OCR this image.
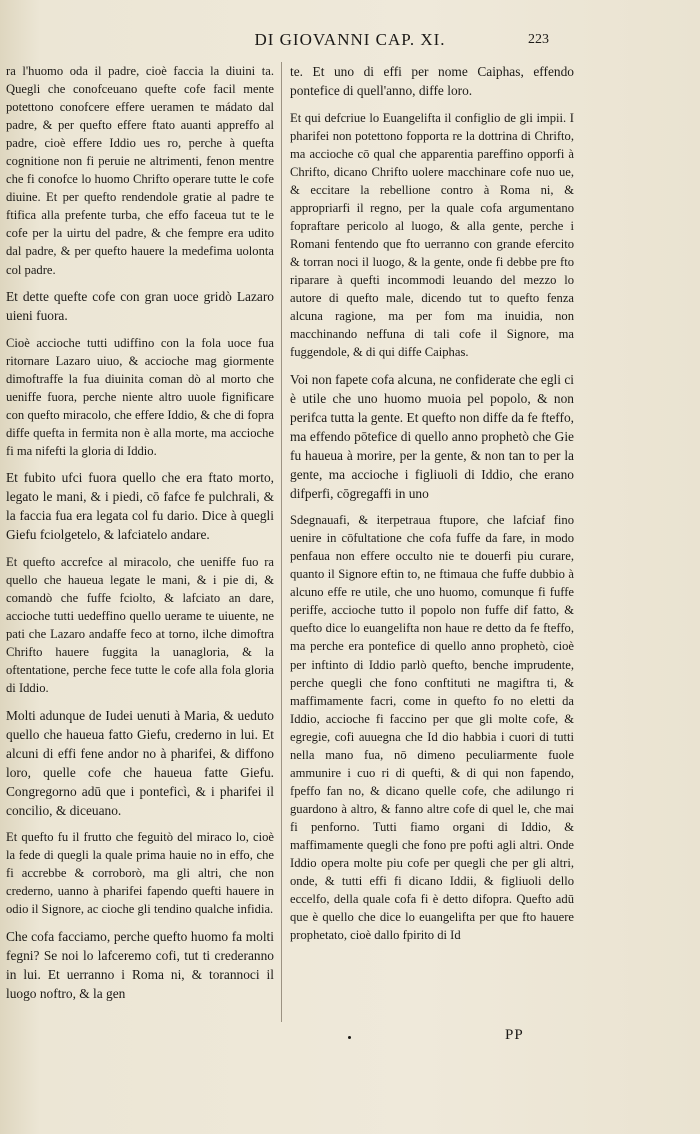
DI GIOVANNI CAP. XI.	223

ra l'huomo oda il padre, cioè faccia la diuini ta. Quegli che conofceuano quefte cofe facil mente potettono conofcere effere ueramen te mádato dal padre, & per quefto effere ftato auanti appreffo al padre, cioè effere Iddio ues ro, perche à quefta cognitione non fi peruie ne altrimenti, fenon mentre che fi conofce lo huomo Chrifto operare tutte le cofe diuine. Et per quefto rendendole gratie al padre te ftifica alla prefente turba, che effo faceua tut te le cofe per la uirtu del padre, & che fempre era udito dal padre, & per quefto hauere la medefima uolonta col padre.

Et dette quefte cofe con gran uoce gridò Lazaro uieni fuora.

Cioè accioche tutti udiffino con la fola uoce fua ritornare Lazaro uiuo, & accioche mag giormente dimoftraffe la fua diuinita coman dò al morto che ueniffe fuora, perche niente altro uuole fignificare con quefto miracolo, che effere Iddio, & che di fopra diffe quefta in fermita non è alla morte, ma accioche fi ma nifefti la gloria di Iddio.

Et fubito ufci fuora quello che era ftato morto, legato le mani, & i piedi, cō fafce fe pulchrali, & la faccia fua era legata col fu dario. Dice à quegli Giefu fciolgetelo, & lafciatelo andare.

Et quefto accrefce al miracolo, che ueniffe fuo ra quello che haueua legate le mani, & i pie di, & comandò che fuffe fciolto, & lafciato an dare, accioche tutti uedeffino quello uerame te uiuente, ne pati che Lazaro andaffe feco at torno, ilche dimoftra Chrifto hauere fuggita la uanagloria, & la oftentatione, perche fece tutte le cofe alla fola gloria di Iddio.

Molti adunque de Iudei uenuti à Maria, & ueduto quello che haueua fatto Giefu, crederno in lui. Et alcuni di effi fene andor no à pharifei, & diffono loro, quelle cofe che haueua fatte Giefu. Congregorno adū que i ponteficì, & i pharifei il concilio, & diceuano.

Et quefto fu il frutto che feguitò del miraco lo, cioè la fede di quegli la quale prima hauie no in effo, che fi accrebbe & corroborò, ma gli altri, che non crederno, uanno à pharifei fapendo quefti hauere in odio il Signore, ac cioche gli tendino qualche infidia.

Che cofa facciamo, perche quefto huomo fa molti fegni? Se noi lo lafceremo cofi, tut ti crederanno in lui. Et uerranno i Roma ni, & torannoci il luogo noftro, & la gen

te. Et uno di effi per nome Caiphas, effendo pontefice di quell'anno, diffe loro.

Et qui defcriue lo Euangelifta il configlio de gli impii. I pharifei non potettono fopporta re la dottrina di Chrifto, ma accioche cō qual che apparentia pareffino opporfi à Chrifto, dicano Chrifto uolere macchinare cofe nuo ue, & eccitare la rebellione contro à Roma ni, & appropriarfi il regno, per la quale cofa argumentano fopraftare pericolo al luogo, & alla gente, perche i Romani fentendo que fto uerranno con grande efercito & torran noci il luogo, & la gente, onde fi debbe pre fto riparare à quefti incommodi leuando del mezzo lo autore di quefto male, dicendo tut to quefto fenza alcuna ragione, ma per fom ma inuidia, non macchinando neffuna di tali cofe il Signore, ma fuggendole, & di qui diffe Caiphas.

Voi non fapete cofa alcuna, ne confiderate che egli ci è utile che uno huomo muoia pel popolo, & non perifca tutta la gente. Et quefto non diffe da fe fteffo, ma effendo pōtefice di quello anno prophetò che Gie fu haueua à morire, per la gente, & non tan to per la gente, ma accioche i figliuoli di Iddio, che erano difperfi, cōgregaffi in uno

Sdegnauafi, & iterpetraua ftupore, che lafciaf fino uenire in cōfultatione che cofa fuffe da fare, in modo penfaua non effere occulto nie te douerfi piu curare, quanto il Signore eftin to, ne ftimaua che fuffe dubbio à alcuno effe re utile, che uno huomo, comunque fi fuffe periffe, accioche tutto il popolo non fuffe dif fatto, & quefto dice lo euangelifta non haue re detto da fe fteffo, ma perche era pontefice di quello anno prophetò, cioè per inftinto di Iddio parlò quefto, benche imprudente, perche quegli che fono conftituti ne magiftra ti, & maffimamente facri, come in quefto fo no eletti da Iddio, accioche fi faccino per que gli molte cofe, & egregie, cofi auuegna che Id dio habbia i cuori di tutti nella mano fua, nō dimeno peculiarmente fuole ammunire i cuo ri di quefti, & di qui non fapendo, fpeffo fan no, & dicano quelle cofe, che adilungo ri guardono à altro, & fanno altre cofe di quel le, che mai fi penforno. Tutti fiamo organi di Iddio, & maffimamente quegli che fono pre pofti agli altri. Onde Iddio opera molte piu cofe per quegli che per gli altri, onde, & tutti effi fi dicano Iddii, & figliuoli dello eccelfo, della quale cofa fi è detto difopra. Quefto adū que è quello che dice lo euangelifta per que fto hauere prophetato, cioè dallo fpirito di Id

PP
